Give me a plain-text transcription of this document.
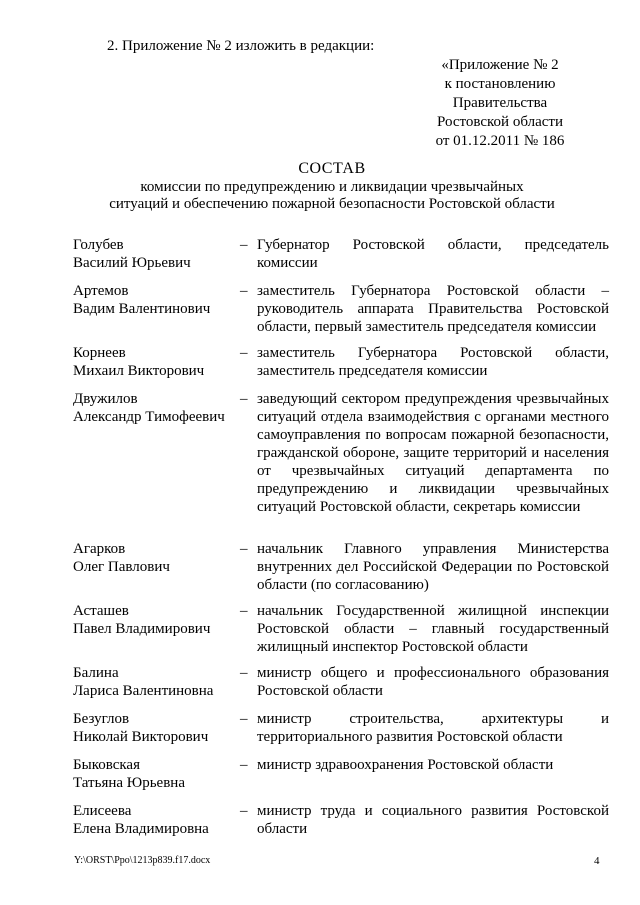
2. Приложение № 2 изложить в редакции:
«Приложение № 2
к постановлению
Правительства
Ростовской области
от 01.12.2011 № 186
СОСТАВ
комиссии по предупреждению и ликвидации чрезвычайных
ситуаций и обеспечению пожарной безопасности Ростовской области
Голубев
Василий Юрьевич
– Губернатор Ростовской области, председатель комиссии
Артемов
Вадим Валентинович
– заместитель Губернатора Ростовской области – руководитель аппарата Правительства Ростовской области, первый заместитель председателя комиссии
Корнеев
Михаил Викторович
– заместитель Губернатора Ростовской области, заместитель председателя комиссии
Двужилов
Александр Тимофеевич
– заведующий сектором предупреждения чрезвычайных ситуаций отдела взаимодействия с органами местного самоуправления по вопросам пожарной безопасности, гражданской обороне, защите территорий и населения от чрезвычайных ситуаций департамента по предупреждению и ликвидации чрезвычайных ситуаций Ростовской области, секретарь комиссии
Агарков
Олег Павлович
– начальник Главного управления Министерства внутренних дел Российской Федерации по Ростовской области (по согласованию)
Асташев
Павел Владимирович
– начальник Государственной жилищной инспекции Ростовской области – главный государственный жилищный инспектор Ростовской области
Балина
Лариса Валентиновна
– министр общего и профессионального образования Ростовской области
Безуглов
Николай Викторович
– министр строительства, архитектуры и территориального развития Ростовской области
Быковская
Татьяна Юрьевна
– министр здравоохранения Ростовской области
Елисеева
Елена Владимировна
– министр труда и социального развития Ростовской области
Y:\ORST\Ppo\1213p839.f17.docx	4
